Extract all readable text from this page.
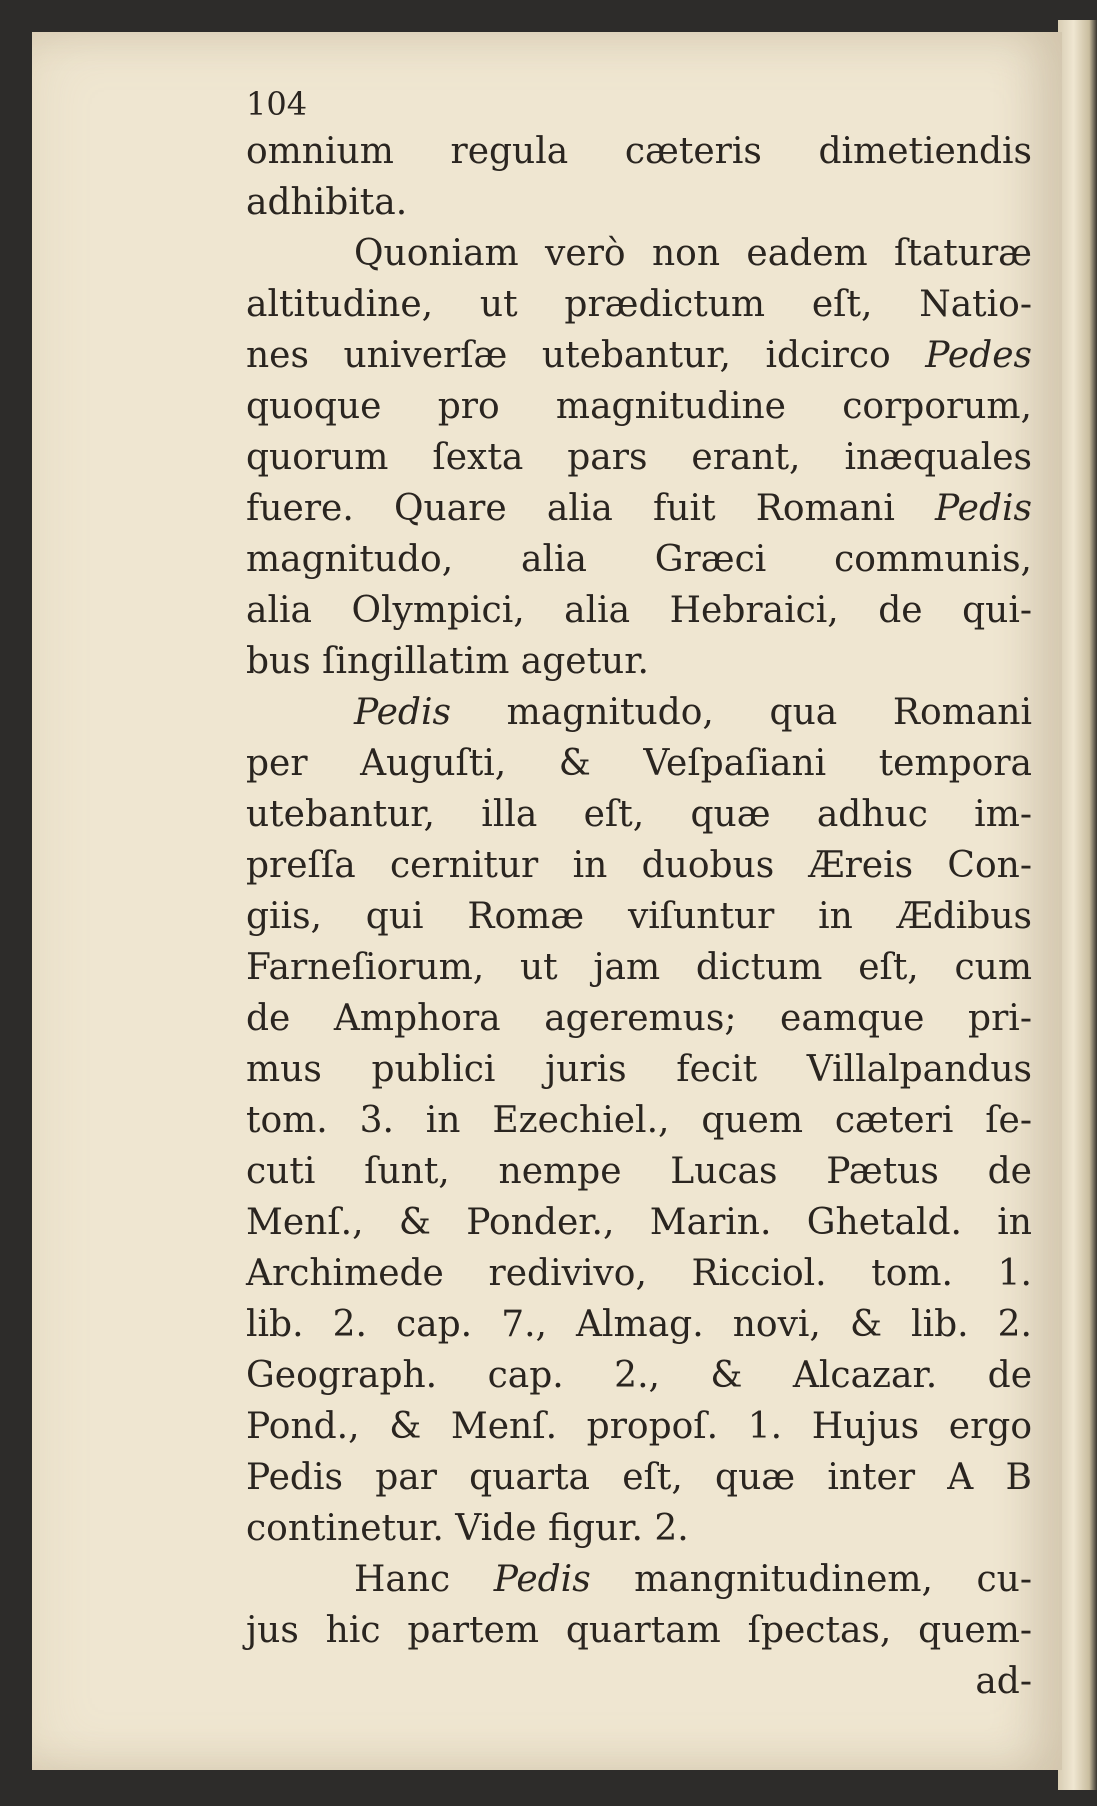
104
omnium regula cæteris dimetiendis
adhibita.
Quoniam verò non eadem ſtaturæ
altitudine, ut prædictum eſt, Natio-
nes univerſæ utebantur, idcirco Pedes
quoque pro magnitudine corporum,
quorum ſexta pars erant, inæquales
fuere. Quare alia fuit Romani Pedis
magnitudo, alia Græci communis,
alia Olympici, alia Hebraici, de qui-
bus ſingillatim agetur.
Pedis magnitudo, qua Romani
per Auguſti, & Veſpaſiani tempora
utebantur, illa eſt, quæ adhuc im-
preſſa cernitur in duobus Æreis Con-
giis, qui Romæ viſuntur in Ædibus
Farneſiorum, ut jam dictum eſt, cum
de Amphora ageremus; eamque pri-
mus publici juris fecit Villalpandus
tom. 3. in Ezechiel., quem cæteri ſe-
cuti ſunt, nempe Lucas Pætus de
Menſ., & Ponder., Marin. Ghetald. in
Archimede redivivo, Ricciol. tom. 1.
lib. 2. cap. 7., Almag. novi, & lib. 2.
Geograph. cap. 2., & Alcazar. de
Pond., & Menſ. propoſ. 1. Hujus ergo
Pedis par quarta eſt, quæ inter A B
continetur. Vide figur. 2.
Hanc Pedis mangnitudinem, cu-
jus hic partem quartam ſpectas, quem-
ad-
